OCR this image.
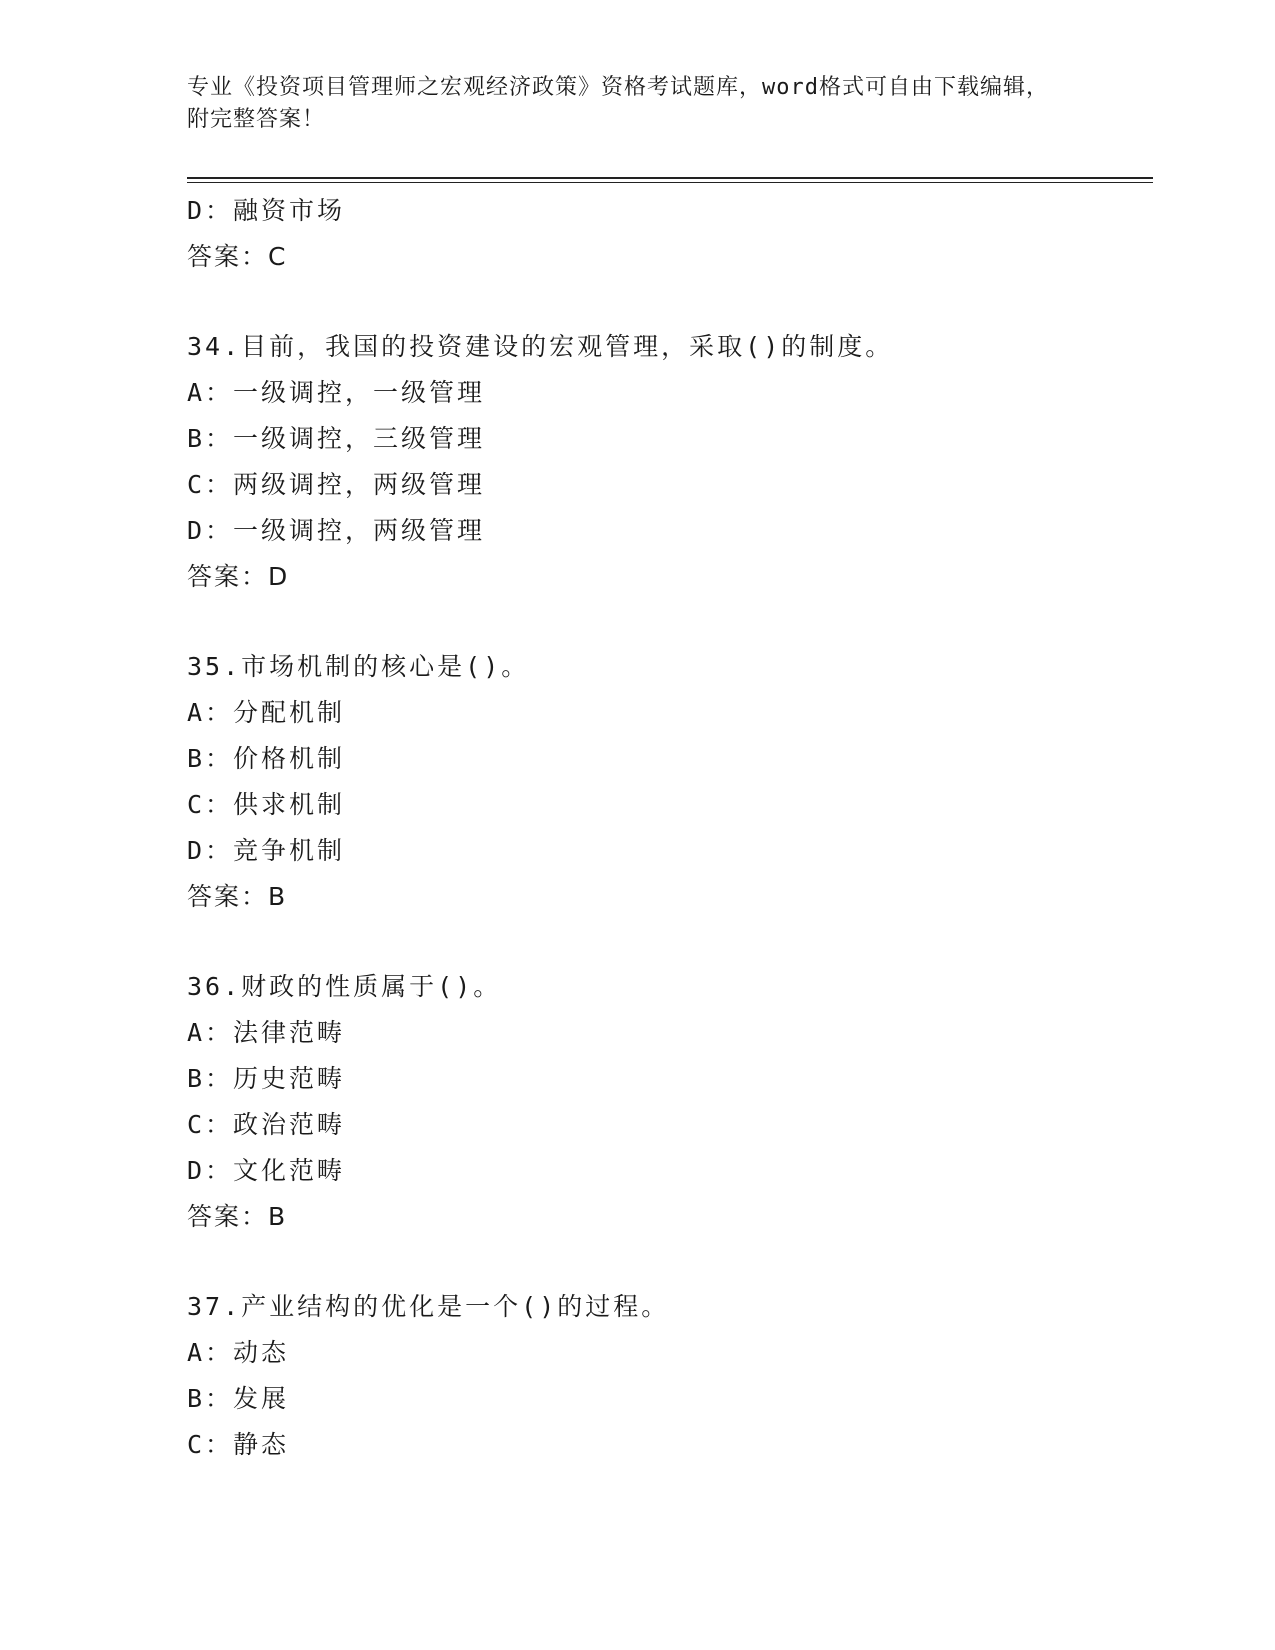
专业《投资项目管理师之宏观经济政策》资格考试题库，word格式可自由下载编辑，附完整答案！
D：融资市场
答案：C
34.目前，我国的投资建设的宏观管理，采取()的制度。
A：一级调控，一级管理
B：一级调控，三级管理
C：两级调控，两级管理
D：一级调控，两级管理
答案：D
35.市场机制的核心是()。
A：分配机制
B：价格机制
C：供求机制
D：竞争机制
答案：B
36.财政的性质属于()。
A：法律范畴
B：历史范畴
C：政治范畴
D：文化范畴
答案：B
37.产业结构的优化是一个()的过程。
A：动态
B：发展
C：静态
